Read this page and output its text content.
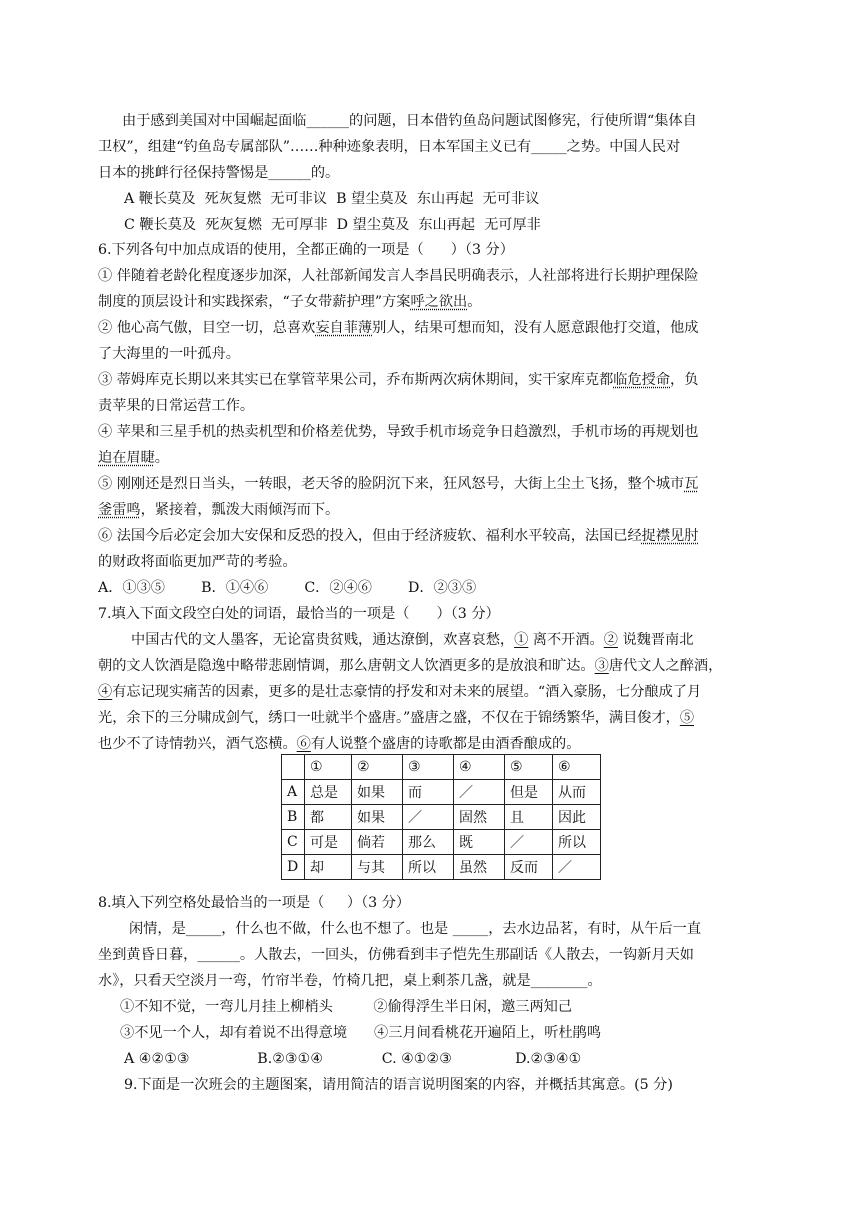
由于感到美国对中国崛起面临______的问题，日本借钓鱼岛问题试图修宪，行使所谓“集体自
卫权”，组建“钓鱼岛专属部队”……种种迹象表明，日本军国主义已有_____之势。中国人民对
日本的挑衅行径保持警惕是______的。
A 鞭长莫及  死灰复燃  无可非议  B 望尘莫及  东山再起  无可非议
C 鞭长莫及  死灰复燃  无可厚非  D 望尘莫及  东山再起  无可厚非
6.下列各句中加点成语的使用，全都正确的一项是（      ）（3 分）
① 伴随着老龄化程度逐步加深，人社部新闻发言人李昌民明确表示，人社部将进行长期护理保险
制度的顶层设计和实践探索，“子女带薪护理”方案呼之欲出。
② 他心高气傲，目空一切，总喜欢妄自菲薄别人，结果可想而知，没有人愿意跟他打交道，他成
了大海里的一叶孤舟。
③ 蒂姆库克长期以来其实已在掌管苹果公司，乔布斯两次病休期间，实干家库克都临危授命，负
责苹果的日常运营工作。
④ 苹果和三星手机的热卖机型和价格差优势，导致手机市场竞争日趋激烈，手机市场的再规划也
迫在眉睫。
⑤ 刚刚还是烈日当头，一转眼，老天爷的脸阴沉下来，狂风怒号，大街上尘土飞扬，整个城市瓦
釜雷鸣，紧接着，瓢泼大雨倾泻而下。
⑥ 法国今后必定会加大安保和反恐的投入，但由于经济疲软、福利水平较高，法国已经捉襟见肘
的财政将面临更加严苛的考验。
A．①③⑤        B．①④⑥        C．②④⑥        D．②③⑤
7.填入下面文段空白处的词语，最恰当的一项是（      ）（3 分）
中国古代的文人墨客，无论富贵贫贱，通达潦倒，欢喜哀愁，① 离不开酒。② 说魏晋南北
朝的文人饮酒是隐逸中略带悲剧情调，那么唐朝文人饮酒更多的是放浪和旷达。③唐代文人之醉酒，
④有忘记现实痛苦的因素，更多的是壮志豪情的抒发和对未来的展望。“酒入豪肠，七分酿成了月
光，余下的三分啸成剑气，绣口一吐就半个盛唐。”盛唐之盛，不仅在于锦绣繁华，满目俊才，⑤
也少不了诗情勃兴，酒气恣横。⑥有人说整个盛唐的诗歌都是由酒香酿成的。
	①	②	③	④	⑤	⑥
A	总是	如果	而	／	但是	从而
B	都	如果	／	固然	且	因此
C	可是	倘若	那么	既	／	所以
D	却	与其	所以	虽然	反而	／
8.填入下列空格处最恰当的一项是（     ）（3 分）
闲情，是_____，什么也不做，什么也不想了。也是 _____，去水边品茗，有时，从午后一直
坐到黄昏日暮，______。人散去，一回头，仿佛看到丰子恺先生那副话《人散去，一钩新月天如
水》，只看天空淡月一弯，竹帘半卷，竹椅几把，桌上剩茶几盏，就是________。
①不知不觉，一弯儿月挂上柳梢头         ②偷得浮生半日闲，邀三两知己
③不见一个人，却有着说不出得意境      ④三月间看桃花开遍陌上，听杜鹃鸣
A ④②①③               B.②③①④             C. ④①②③              D.②③④①
9.下面是一次班会的主题图案，请用简洁的语言说明图案的内容，并概括其寓意。(5 分)
